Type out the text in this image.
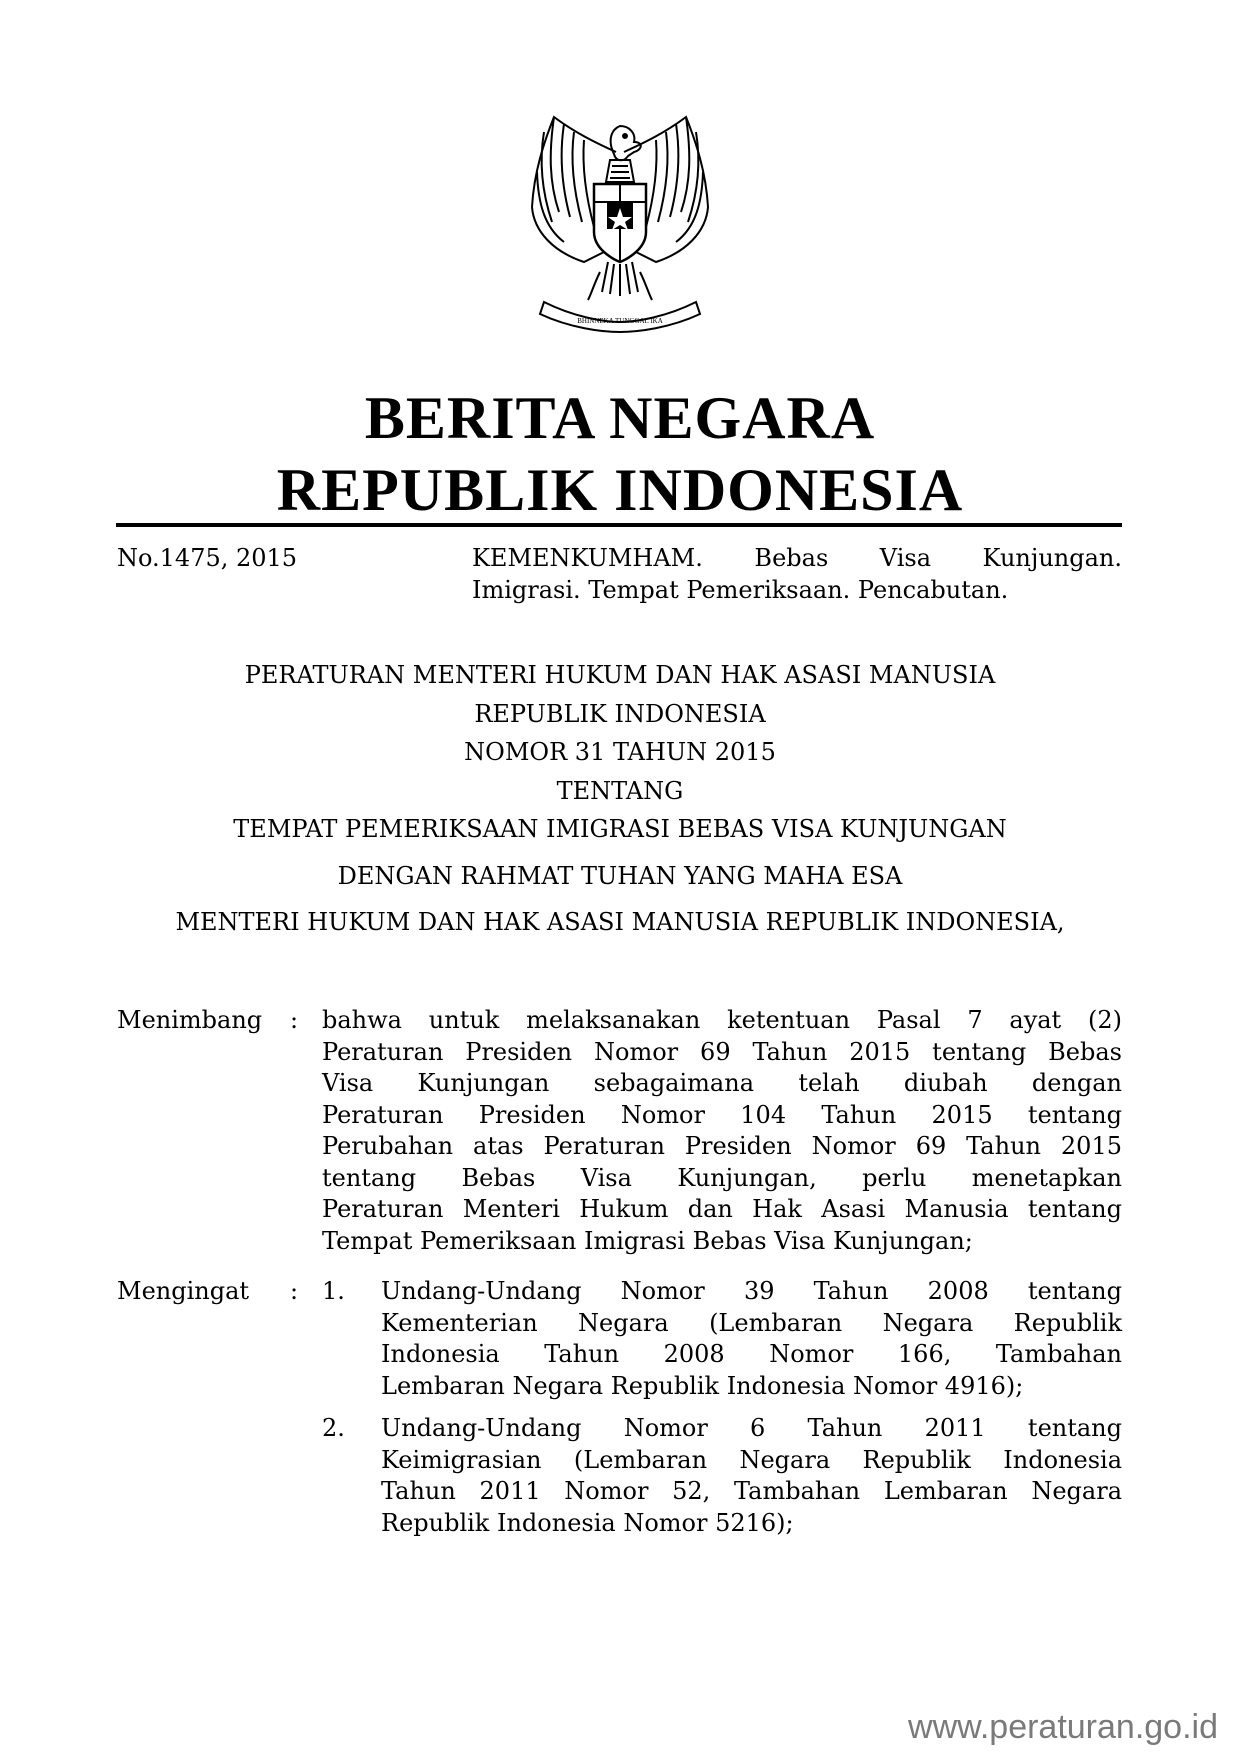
BHINNEKA TUNGGAL IKA
BERITA NEGARA
REPUBLIK INDONESIA
No.1475, 2015	KEMENKUMHAM. Bebas Visa Kunjungan.
Imigrasi. Tempat Pemeriksaan. Pencabutan.
PERATURAN MENTERI HUKUM DAN HAK ASASI MANUSIA
REPUBLIK INDONESIA
NOMOR 31 TAHUN 2015
TENTANG
TEMPAT PEMERIKSAAN IMIGRASI BEBAS VISA KUNJUNGAN
DENGAN RAHMAT TUHAN YANG MAHA ESA
MENTERI HUKUM DAN HAK ASASI MANUSIA REPUBLIK INDONESIA,
Menimbang : bahwa untuk melaksanakan ketentuan Pasal 7 ayat (2)
Peraturan Presiden Nomor 69 Tahun 2015 tentang Bebas
Visa Kunjungan sebagaimana telah diubah dengan
Peraturan Presiden Nomor 104 Tahun 2015 tentang
Perubahan atas Peraturan Presiden Nomor 69 Tahun 2015
tentang Bebas Visa Kunjungan, perlu menetapkan
Peraturan Menteri Hukum dan Hak Asasi Manusia tentang
Tempat Pemeriksaan Imigrasi Bebas Visa Kunjungan;
Mengingat : 1. Undang-Undang Nomor 39 Tahun 2008 tentang
Kementerian Negara (Lembaran Negara Republik
Indonesia Tahun 2008 Nomor 166, Tambahan
Lembaran Negara Republik Indonesia Nomor 4916);
2. Undang-Undang Nomor 6 Tahun 2011 tentang
Keimigrasian (Lembaran Negara Republik Indonesia
Tahun 2011 Nomor 52, Tambahan Lembaran Negara
Republik Indonesia Nomor 5216);
www.peraturan.go.id
